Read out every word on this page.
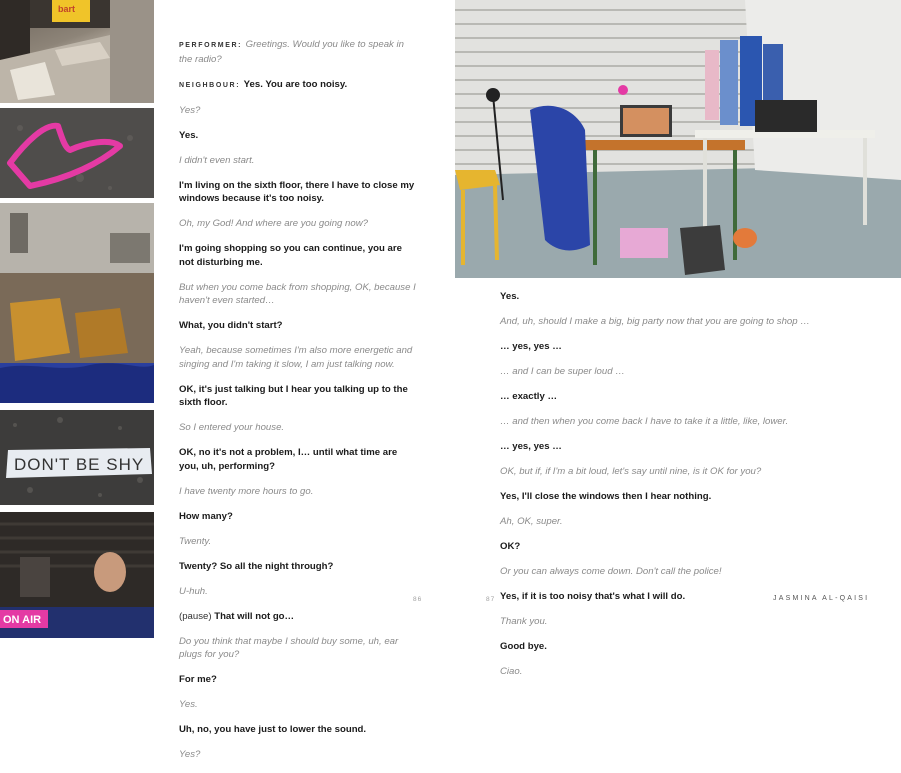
bart
DON'T BE SHY
ON AIR

PERFORMER: Greetings. Would you like to speak in the radio?

NEIGHBOUR: Yes. You are too noisy.

Yes?

Yes.

I didn't even start.

I'm living on the sixth floor, there I have to close my windows because it's too noisy.

Oh, my God! And where are you going now?

I'm going shopping so you can continue, you are not disturbing me.

But when you come back from shopping, OK, because I haven't even started…

What, you didn't start?

Yeah, because sometimes I'm also more energetic and singing and I'm taking it slow, I am just talking now.

OK, it's just talking but I hear you talking up to the sixth floor.

So I entered your house.

OK, no it's not a problem, I… until what time are you, uh, performing?

I have twenty more hours to go.

How many?

Twenty.

Twenty? So all the night through?

U-huh.

(pause) That will not go…

Do you think that maybe I should buy some, uh, ear plugs for you?

For me?

Yes.

Uh, no, you have just to lower the sound.

Yes?

Yes.

And, uh, should I make a big, big party now that you are going to shop …

… yes, yes …

… and I can be super loud …

… exactly …

… and then when you come back I have to take it a little, like, lower.

… yes, yes …

OK, but if, if I'm a bit loud, let's say until nine, is it OK for you?

Yes, I'll close the windows then I hear nothing.

Ah, OK, super.

OK?

Or you can always come down. Don't call the police!

Yes, if it is too noisy that's what I will do.

Thank you.

Good bye.

Ciao.

86	87	JASMINA AL-QAISI
